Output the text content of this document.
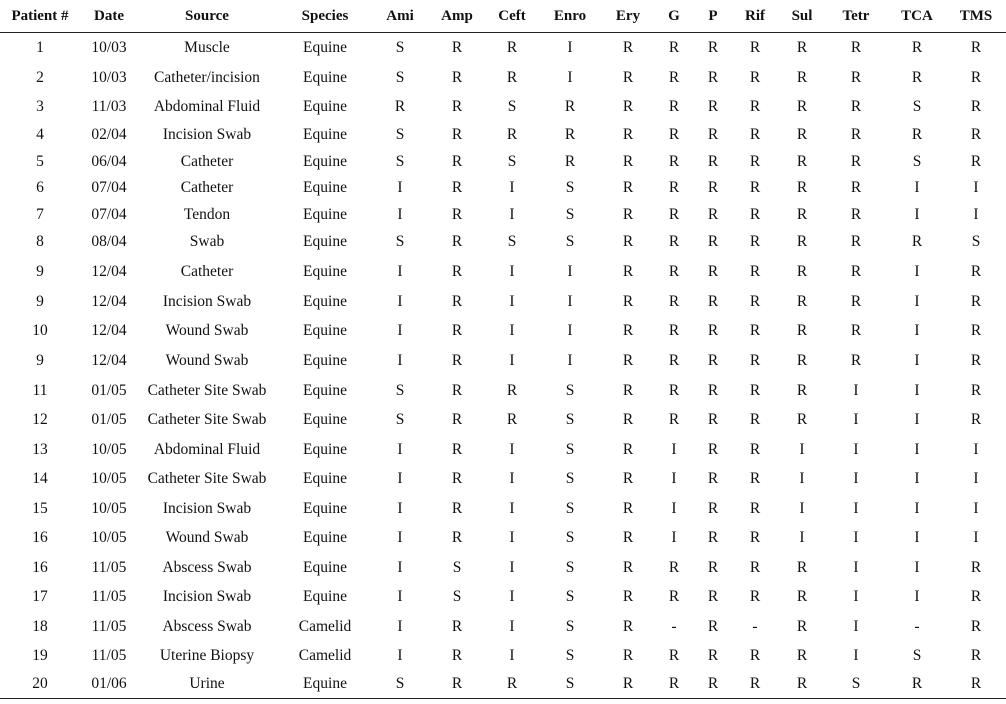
Patient #	Date	Source	Species	Ami	Amp	Ceft	Enro	Ery	G	P	Rif	Sul	Tetr	TCA	TMS
1	10/03	Muscle	Equine	S	R	R	I	R	R	R	R	R	R	R	R
2	10/03	Catheter/incision	Equine	S	R	R	I	R	R	R	R	R	R	R	R
3	11/03	Abdominal Fluid	Equine	R	R	S	R	R	R	R	R	R	R	S	R
4	02/04	Incision Swab	Equine	S	R	R	R	R	R	R	R	R	R	R	R
5	06/04	Catheter	Equine	S	R	S	R	R	R	R	R	R	R	S	R
6	07/04	Catheter	Equine	I	R	I	S	R	R	R	R	R	R	I	I
7	07/04	Tendon	Equine	I	R	I	S	R	R	R	R	R	R	I	I
8	08/04	Swab	Equine	S	R	S	S	R	R	R	R	R	R	R	S
9	12/04	Catheter	Equine	I	R	I	I	R	R	R	R	R	R	I	R
9	12/04	Incision Swab	Equine	I	R	I	I	R	R	R	R	R	R	I	R
10	12/04	Wound Swab	Equine	I	R	I	I	R	R	R	R	R	R	I	R
9	12/04	Wound Swab	Equine	I	R	I	I	R	R	R	R	R	R	I	R
11	01/05	Catheter Site Swab	Equine	S	R	R	S	R	R	R	R	R	I	I	R
12	01/05	Catheter Site Swab	Equine	S	R	R	S	R	R	R	R	R	I	I	R
13	10/05	Abdominal Fluid	Equine	I	R	I	S	R	I	R	R	I	I	I	I
14	10/05	Catheter Site Swab	Equine	I	R	I	S	R	I	R	R	I	I	I	I
15	10/05	Incision Swab	Equine	I	R	I	S	R	I	R	R	I	I	I	I
16	10/05	Wound Swab	Equine	I	R	I	S	R	I	R	R	I	I	I	I
16	11/05	Abscess Swab	Equine	I	S	I	S	R	R	R	R	R	I	I	R
17	11/05	Incision Swab	Equine	I	S	I	S	R	R	R	R	R	I	I	R
18	11/05	Abscess Swab	Camelid	I	R	I	S	R	-	R	-	R	I	-	R
19	11/05	Uterine Biopsy	Camelid	I	R	I	S	R	R	R	R	R	I	S	R
20	01/06	Urine	Equine	S	R	R	S	R	R	R	R	R	S	R	R
